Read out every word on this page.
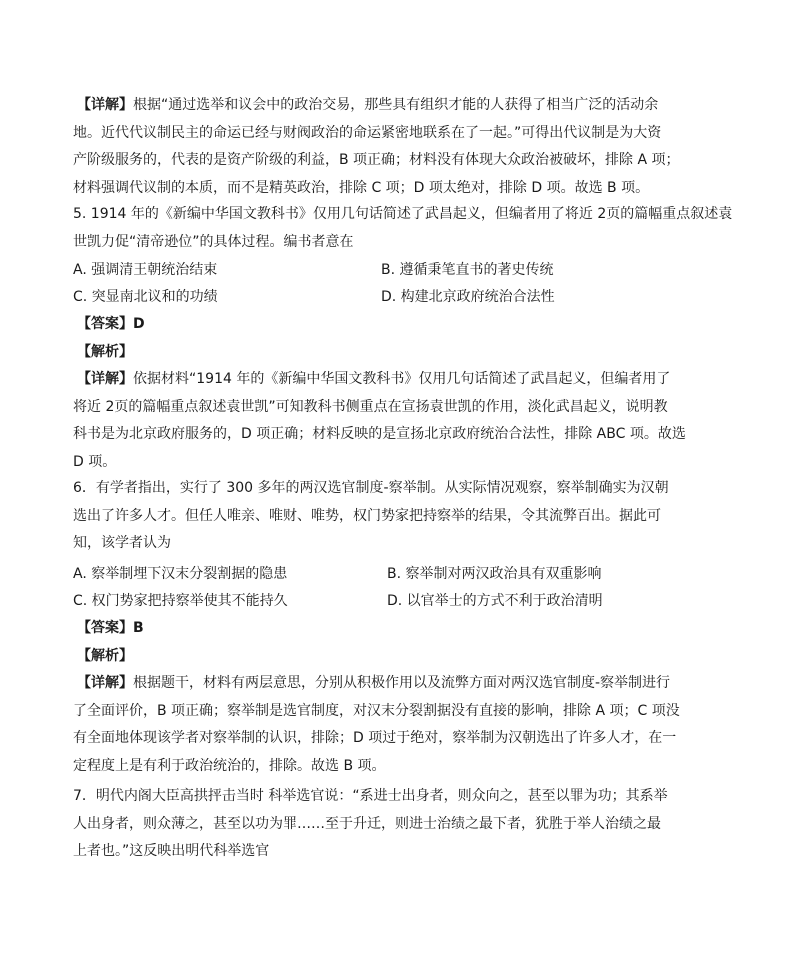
【详解】根据“通过选举和议会中的政治交易，那些具有组织才能的人获得了相当广泛的活动余
地。近代代议制民主的命运已经与财阀政治的命运紧密地联系在了一起。”可得出代议制是为大资
产阶级服务的，代表的是资产阶级的利益，B 项正确；材料没有体现大众政治被破坏，排除 A 项；
材料强调代议制的本质，而不是精英政治，排除 C 项；D 项太绝对，排除 D 项。故选 B 项。
5. 1914 年的《新编中华国文教科书》仅用几句话简述了武昌起义，但编者用了将近 2页的篇幅重点叙述袁
世凯力促“清帝逊位”的具体过程。编书者意在
A. 强调清王朝统治结束	B. 遵循秉笔直书的著史传统
C. 突显南北议和的功绩	D. 构建北京政府统治合法性
【答案】D
【解析】
【详解】依据材料“1914 年的《新编中华国文教科书》仅用几句话简述了武昌起义，但编者用了
将近 2页的篇幅重点叙述袁世凯”可知教科书侧重点在宣扬袁世凯的作用，淡化武昌起义，说明教
科书是为北京政府服务的，D 项正确；材料反映的是宣扬北京政府统治合法性，排除 ABC 项。故选
D 项。
6．有学者指出，实行了 300 多年的两汉选官制度-察举制。从实际情况观察，察举制确实为汉朝
选出了许多人才。但任人唯亲、唯财、唯势，权门势家把持察举的结果，令其流弊百出。据此可
知，该学者认为
A. 察举制埋下汉末分裂割据的隐患	B. 察举制对两汉政治具有双重影响
C. 权门势家把持察举使其不能持久	D. 以官举士的方式不利于政治清明
【答案】B
【解析】
【详解】根据题干，材料有两层意思，分别从积极作用以及流弊方面对两汉选官制度-察举制进行
了全面评价，B 项正确；察举制是选官制度，对汉末分裂割据没有直接的影响，排除 A 项；C 项没
有全面地体现该学者对察举制的认识，排除；D 项过于绝对，察举制为汉朝选出了许多人才，在一
定程度上是有利于政治统治的，排除。故选 B 项。
7．明代内阁大臣高拱抨击当时 科举选官说：“系进士出身者，则众向之，甚至以罪为功；其系举
人出身者，则众薄之，甚至以功为罪……至于升迁，则进士治绩之最下者，犹胜于举人治绩之最
上者也。”这反映出明代科举选官
